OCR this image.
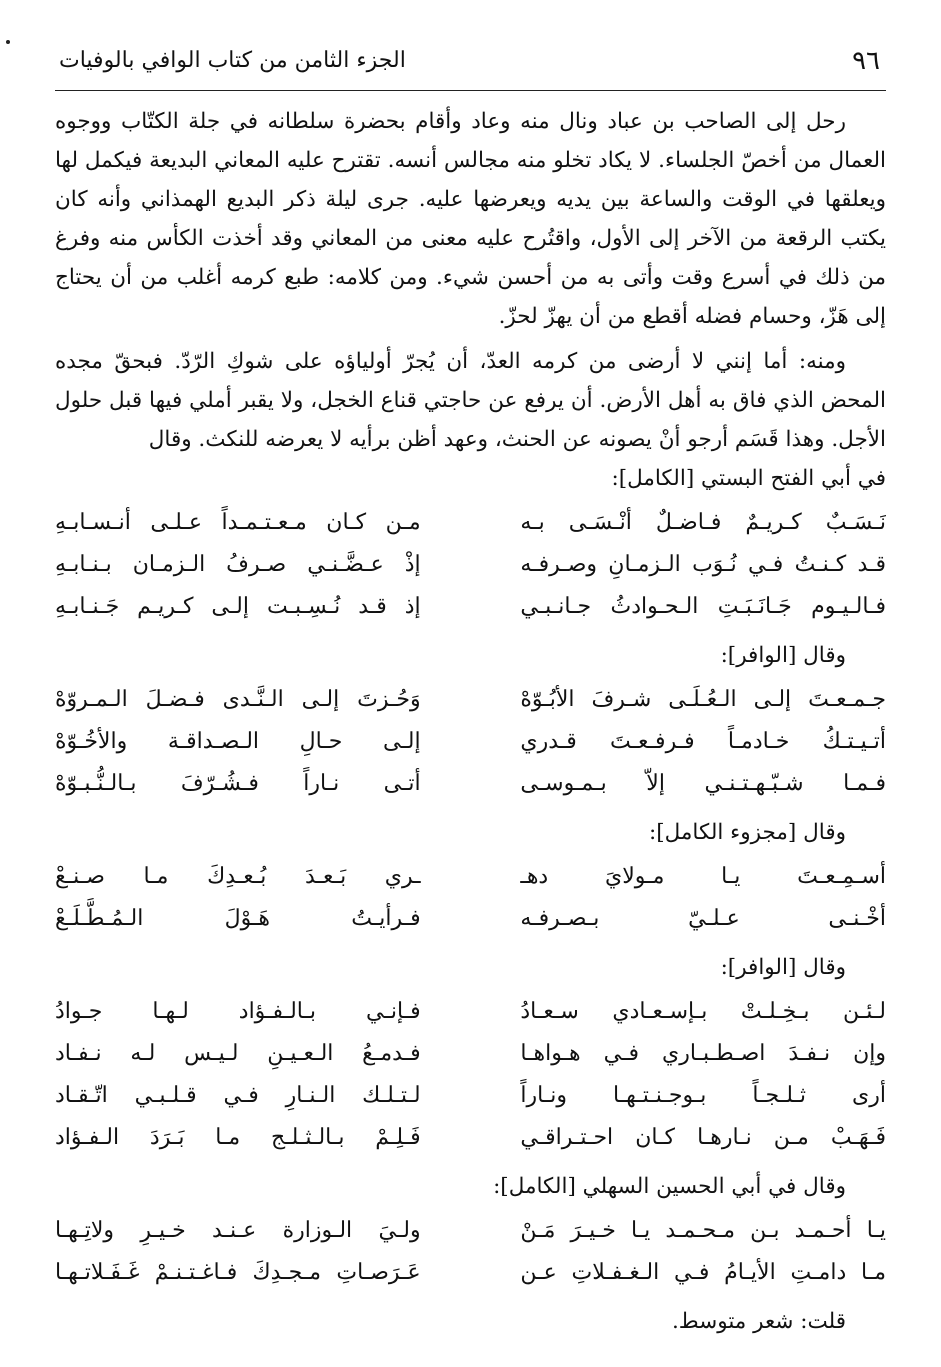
٩٦
الجزء الثامن من كتاب الوافي بالوفيات

رحل إلى الصاحب بن عباد ونال منه وعاد وأقام بحضرة سلطانه في جلة الكتّاب ووجوه العمال من أخصّ الجلساء. لا يكاد تخلو منه مجالس أنسه. تقترح عليه المعاني البديعة فيكمل لها ويعلقها في الوقت والساعة بين يديه ويعرضها عليه. جرى ليلة ذكر البديع الهمذاني وأنه كان يكتب الرقعة من الآخر إلى الأول، واقتُرح عليه معنى من المعاني وقد أخذت الكأس منه وفرغ من ذلك في أسرع وقت وأتى به من أحسن شيء. ومن كلامه: طبع كرمه أغلب من أن يحتاج إلى هَزّ، وحسام فضله أقطع من أن يهزّ لحزّ.

ومنه: أما إنني لا أرضى من كرمه العدّ، أن يُجرّ أولياؤه على شوكِ الرّدّ. فبحقّ مجده المحض الذي فاق به أهل الأرض. أن يرفع عن حاجتي قناع الخجل، ولا يقبر أملي فيها قبل حلول الأجل. وهذا قَسَم أرجو أنْ يصونه عن الحنث، وعهد أظن برأيه لا يعرضه للنكث. وقال

في أبي الفتح البستي [الكامل]:

نَـسَـبٌ كـريـمٌ فـاضـلٌ أنْـسَـى بـه
مـن كـان مـعـتـمـداً عـلـى أنـسـابـهِ
قـد كـنـتُ فـي نُـوَب الـزمـانِ وصـرفـه
إذْ عـضَّـنـي صـرفُ الـزمـان بـنـابـهِ
فـالـيـوم جَـانَـبَـتِ الـحـوادثُ جـانـبـي
إذ قـد نُـسِـبـت إلـى كـريـم جَـنـابـهِ

وقال [الوافر]:

جـمـعـتَ إلـى الـعُـلَـى شـرفَ الأبُـوّهْ
وَحُـزتَ إلـى الـنَّـدى فـضـلَ الـمـروّهْ
أتـيـتـكُ خـادمـاً فـرفـعـتَ قـدري
إلـى حـالِ الـصـداقـة والأخُـوّهْ
فـمـا شـبّـهـتـنـي إلاّ بـمـوسـى
أتـى نـاراً فـشُـرّفَ بـالـنُّـبـوّهْ

وقال [مجزوء الكامل]:

أسـمِـعـتَ يـا مـولايَ دهـ
ـري بَـعـدَ بُـعـدِكَ مـا صـنـعْ
أخْـنـى عـلـيّ بـصـرفـه
فـرأيـتُ هَـوْلَ الـمُـطَّـلَـعْ

وقال [الوافر]:

لـئـن بـخِـلـتْ بـإسـعـادي سـعـادُ
فـإنـي بـالـفـؤاد لـهـا جـوادُ
وإن نـفـدَ اصـطـبـاري فـي هـواهـا
فـدمـعُ الـعـيـنِ لـيـس لـه نـفـاد
أرى ثـلـجـاً بـوجـنـتـهـا ونـاراً
لـتـلـك الـنـارِ فـي قـلـبـي اتّـقـاد
فَـهَـبْ مـن نـارهـا كـان احـتـراقـي
فَـلِـمْ بـالـثـلـج مـا بَـرَدَ الـفـؤاد

وقال في أبي الحسين السهلي [الكامل]:

يـا أحـمـد بـن مـحـمـد يـا خـيـرَ مَـنْ
ولـيَ الـوزارة عـنـد خـيـرِ ولاتِـهـا
مـا دامـتِ الأيـامُ فـي الـغـفـلاتِ عـن
عَـرَصـاتِ مـجـدِكَ فـاغـتـنـمْ غَـفَـلاتـهـا

قلت: شعر متوسط.
